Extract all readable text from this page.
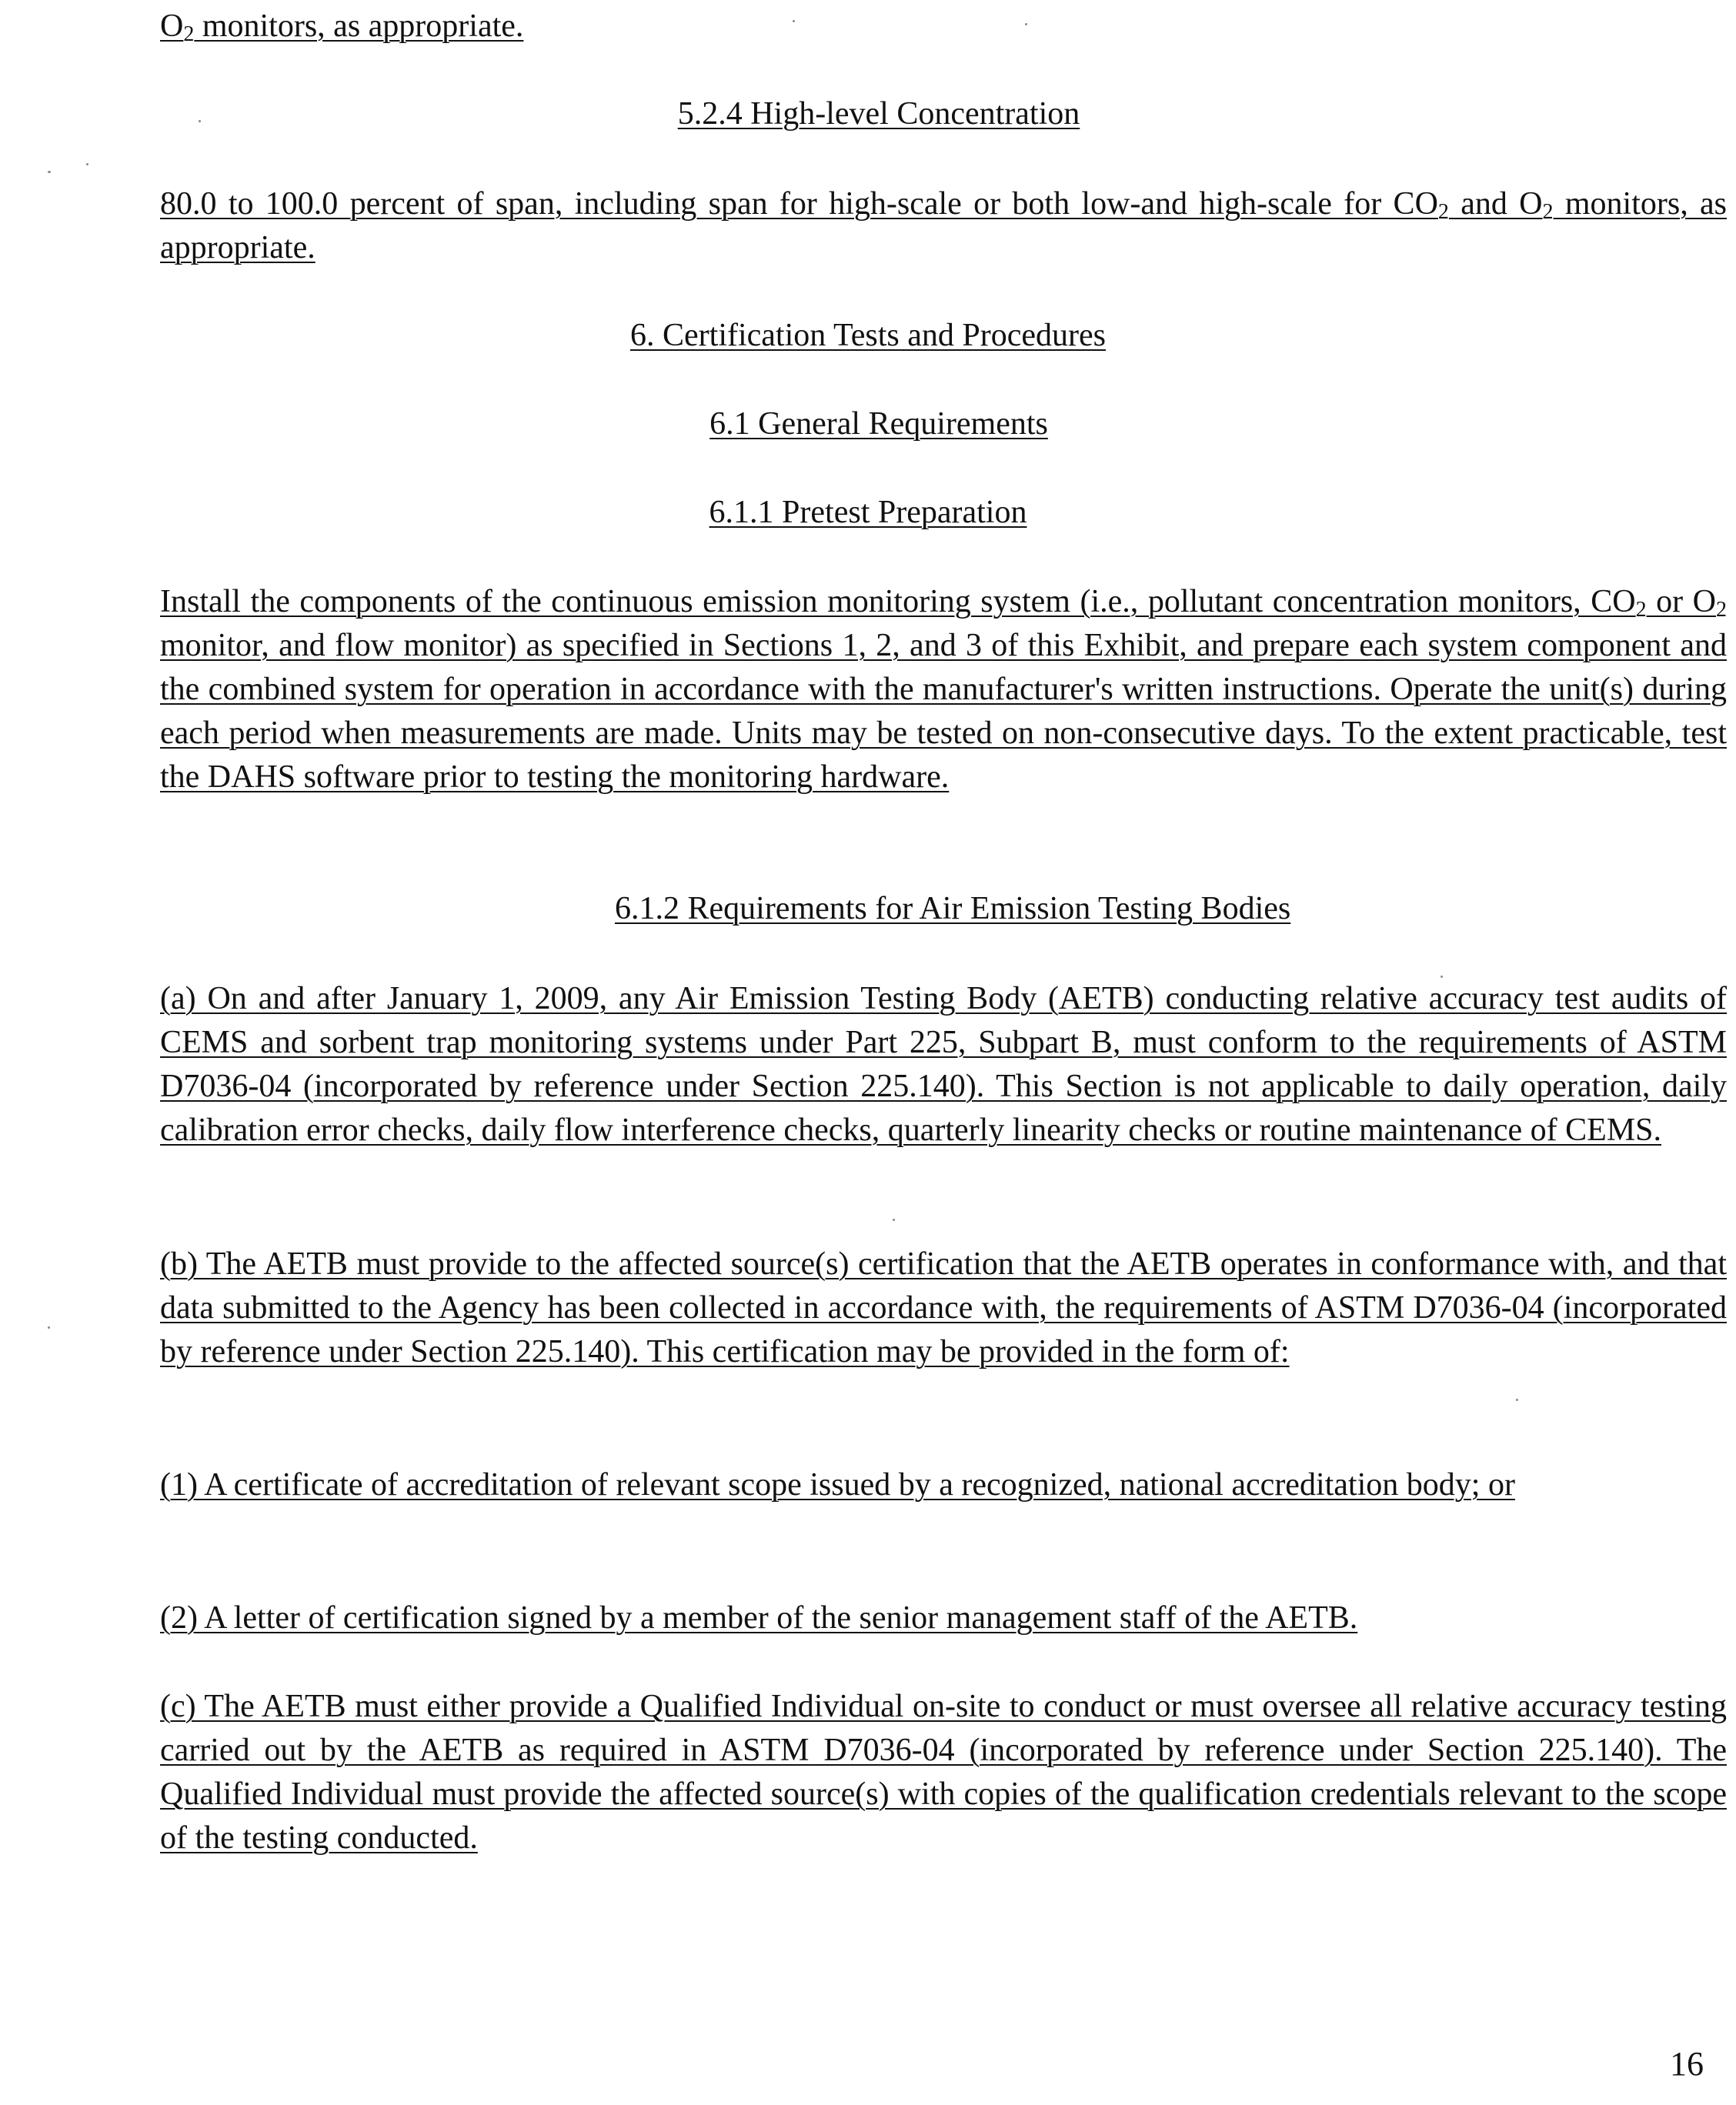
$O_2$ monitors, as appropriate.
5.2.4 High-level Concentration
80.0 to 100.0 percent of span, including span for high-scale or both low-and high-scale for $CO_2$ and $O_2$ monitors, as appropriate.
6. Certification Tests and Procedures
6.1 General Requirements
6.1.1 Pretest Preparation
Install the components of the continuous emission monitoring system (i.e., pollutant concentration monitors, $CO_2$ or $O_2$ monitor, and flow monitor) as specified in Sections 1, 2, and 3 of this Exhibit, and prepare each system component and the combined system for operation in accordance with the manufacturer's written instructions. Operate the unit(s) during each period when measurements are made. Units may be tested on non-consecutive days. To the extent practicable, test the DAHS software prior to testing the monitoring hardware.
6.1.2 Requirements for Air Emission Testing Bodies
(a) On and after January 1, 2009, any Air Emission Testing Body (AETB) conducting relative accuracy test audits of CEMS and sorbent trap monitoring systems under Part 225, Subpart B, must conform to the requirements of ASTM D7036-04 (incorporated by reference under Section 225.140). This Section is not applicable to daily operation, daily calibration error checks, daily flow interference checks, quarterly linearity checks or routine maintenance of CEMS.
(b) The AETB must provide to the affected source(s) certification that the AETB operates in conformance with, and that data submitted to the Agency has been collected in accordance with, the requirements of ASTM D7036-04 (incorporated by reference under Section 225.140). This certification may be provided in the form of:
(1) A certificate of accreditation of relevant scope issued by a recognized, national accreditation body; or
(2) A letter of certification signed by a member of the senior management staff of the AETB.
(c) The AETB must either provide a Qualified Individual on-site to conduct or must oversee all relative accuracy testing carried out by the AETB as required in ASTM D7036-04 (incorporated by reference under Section 225.140). The Qualified Individual must provide the affected source(s) with copies of the qualification credentials relevant to the scope of the testing conducted.
16
